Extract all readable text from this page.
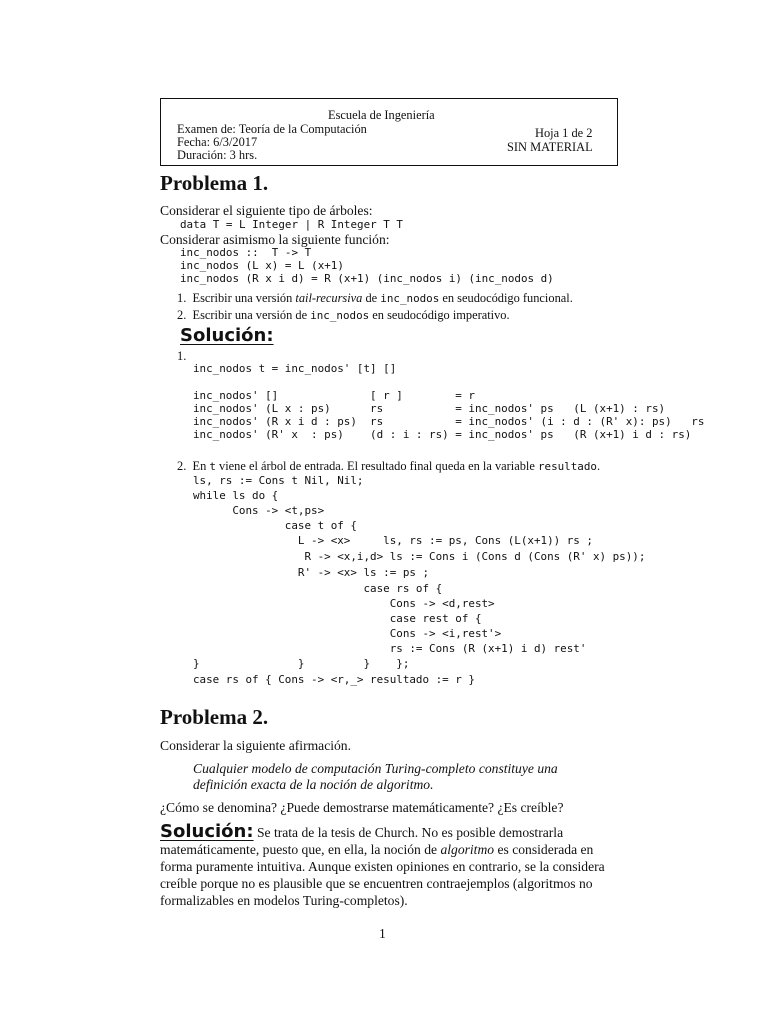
Escuela de Ingeniería
Examen de: Teoría de la Computación
Fecha: 6/3/2017
Duración: 3 hrs.
Hoja 1 de 2
SIN MATERIAL
Problema 1.
Considerar el siguiente tipo de árboles:
data T = L Integer | R Integer T T
Considerar asimismo la siguiente función:
inc_nodos ::  T -> T
inc_nodos (L x) = L (x+1)
inc_nodos (R x i d) = R (x+1) (inc_nodos i) (inc_nodos d)
1.  Escribir una versión tail-recursiva de inc_nodos en seudocódigo funcional.
2.  Escribir una versión de inc_nodos en seudocódigo imperativo.
Solución:
1.
inc_nodos t = inc_nodos' [t] []
inc_nodos' []              [ r ]        = r
inc_nodos' (L x : ps)      rs           = inc_nodos' ps   (L (x+1) : rs)
inc_nodos' (R x i d : ps)  rs           = inc_nodos' (i : d : (R' x): ps)   rs
inc_nodos' (R' x  : ps)    (d : i : rs) = inc_nodos' ps   (R (x+1) i d : rs)
2. En t viene el árbol de entrada. El resultado final queda en la variable resultado.
ls, rs := Cons t Nil, Nil;
while ls do {
Cons -> <t,ps>
case t of {
L -> <x>     ls, rs := ps, Cons (L(x+1)) rs ;
R -> <x,i,d> ls := Cons i (Cons d (Cons (R' x) ps));
R' -> <x> ls := ps ;
case rs of {
Cons -> <d,rest>
case rest of {
Cons -> <i,rest'>
rs := Cons (R (x+1) i d) rest'
}               }         }    };
case rs of { Cons -> <r,_> resultado := r }
Problema 2.
Considerar la siguiente afirmación.
Cualquier modelo de computación Turing-completo constituye una
definición exacta de la noción de algoritmo.
¿Cómo se denomina? ¿Puede demostrarse matemáticamente? ¿Es creíble?
Solución: Se trata de la tesis de Church. No es posible demostrarla matemáticamente, puesto que, en ella, la noción de algoritmo es considerada en forma puramente intuitiva. Aunque existen opiniones en contrario, se la considera creíble porque no es plausible que se encuentren contraejemplos (algoritmos no formalizables en modelos Turing-completos).
1
